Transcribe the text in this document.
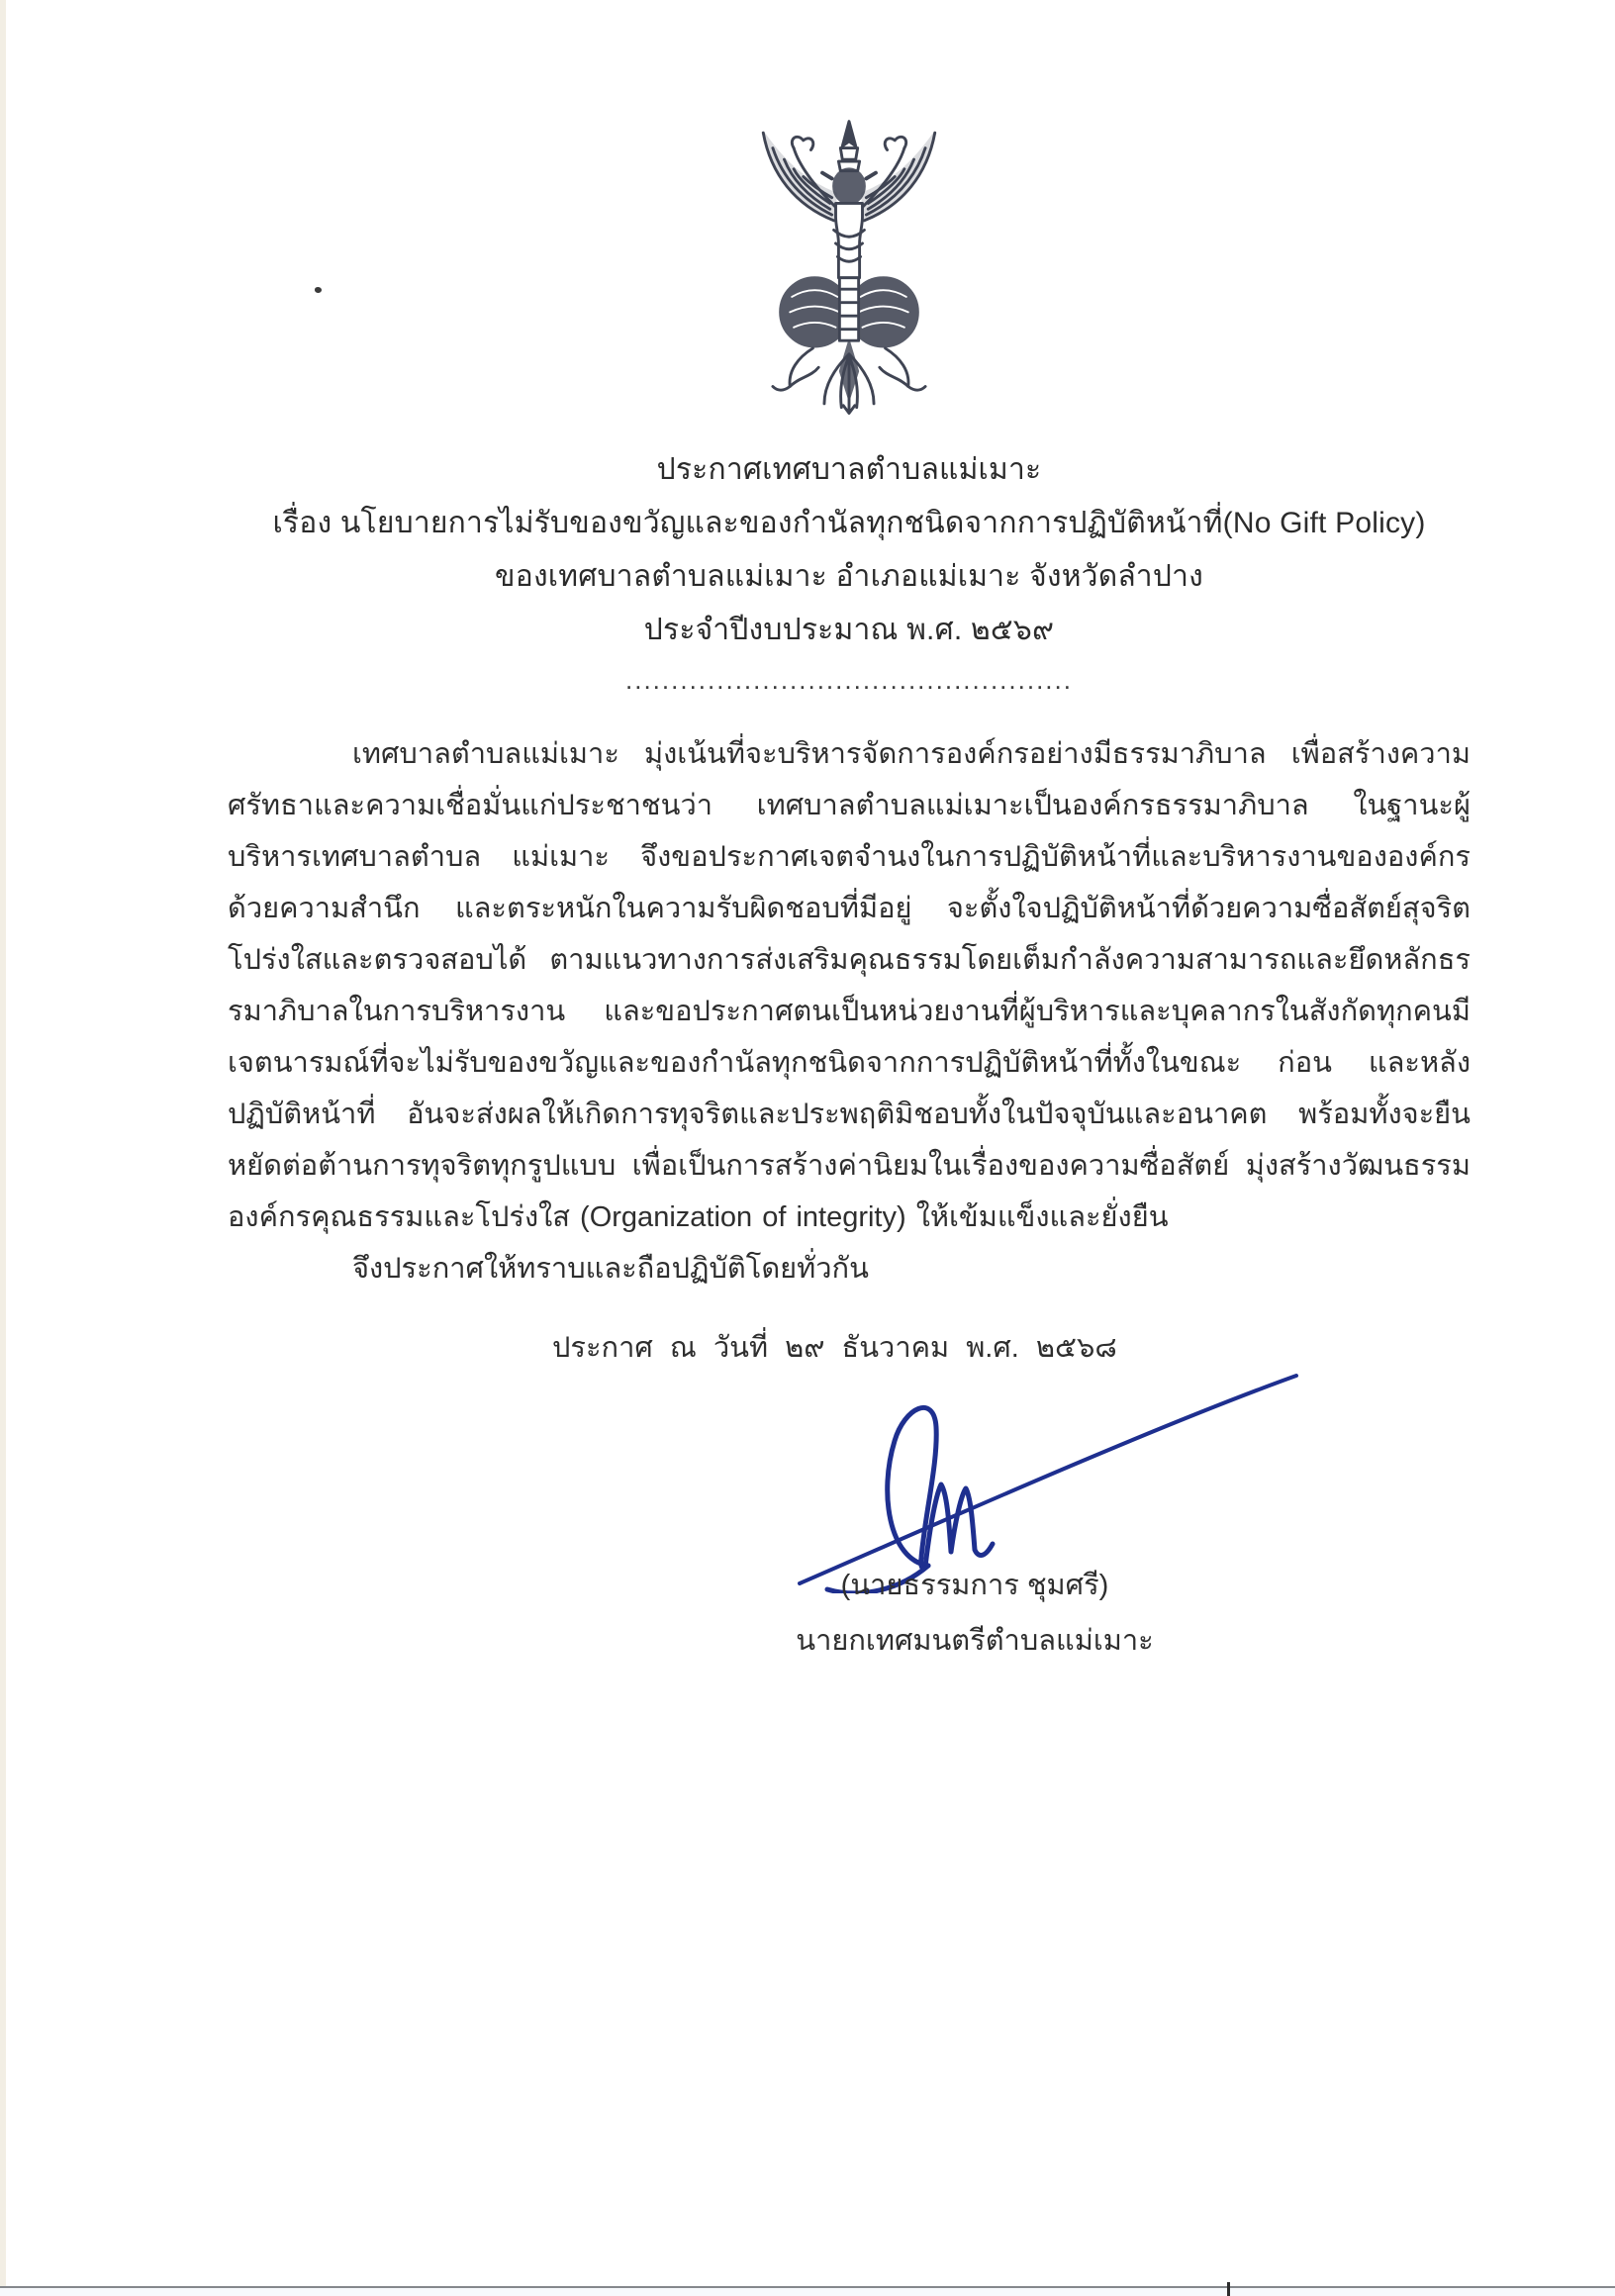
ประกาศเทศบาลตำบลแม่เมาะ
เรื่อง นโยบายการไม่รับของขวัญและของกำนัลทุกชนิดจากการปฏิบัติหน้าที่(No Gift Policy)
ของเทศบาลตำบลแม่เมาะ อำเภอแม่เมาะ จังหวัดลำปาง
ประจำปีงบประมาณ พ.ศ. ๒๕๖๙
.................................................
เทศบาลตำบลแม่เมาะ มุ่งเน้นที่จะบริหารจัดการองค์กรอย่างมีธรรมาภิบาล เพื่อสร้างความศรัทธาและความเชื่อมั่นแก่ประชาชนว่า เทศบาลตำบลแม่เมาะเป็นองค์กรธรรมาภิบาล ในฐานะผู้บริหารเทศบาลตำบล แม่เมาะ จึงขอประกาศเจตจำนงในการปฏิบัติหน้าที่และบริหารงานขององค์กรด้วยความสำนึก และตระหนักในความรับผิดชอบที่มีอยู่ จะตั้งใจปฏิบัติหน้าที่ด้วยความซื่อสัตย์สุจริตโปร่งใสและตรวจสอบได้ ตามแนวทางการส่งเสริมคุณธรรมโดยเต็มกำลังความสามารถและยึดหลักธรรมาภิบาลในการบริหารงาน และขอประกาศตนเป็นหน่วยงานที่ผู้บริหารและบุคลากรในสังกัดทุกคนมีเจตนารมณ์ที่จะไม่รับของขวัญและของกำนัลทุกชนิดจากการปฏิบัติหน้าที่ทั้งในขณะ ก่อน และหลังปฏิบัติหน้าที่ อันจะส่งผลให้เกิดการทุจริตและประพฤติมิชอบทั้งในปัจจุบันและอนาคต พร้อมทั้งจะยืนหยัดต่อต้านการทุจริตทุกรูปแบบ เพื่อเป็นการสร้างค่านิยมในเรื่องของความซื่อสัตย์ มุ่งสร้างวัฒนธรรมองค์กรคุณธรรมและโปร่งใส (Organization of integrity) ให้เข้มแข็งและยั่งยืน
จึงประกาศให้ทราบและถือปฏิบัติโดยทั่วกัน
ประกาศ ณ วันที่ ๒๙ ธันวาคม พ.ศ. ๒๕๖๘
(นายธรรมการ ชุมศรี)
นายกเทศมนตรีตำบลแม่เมาะ
